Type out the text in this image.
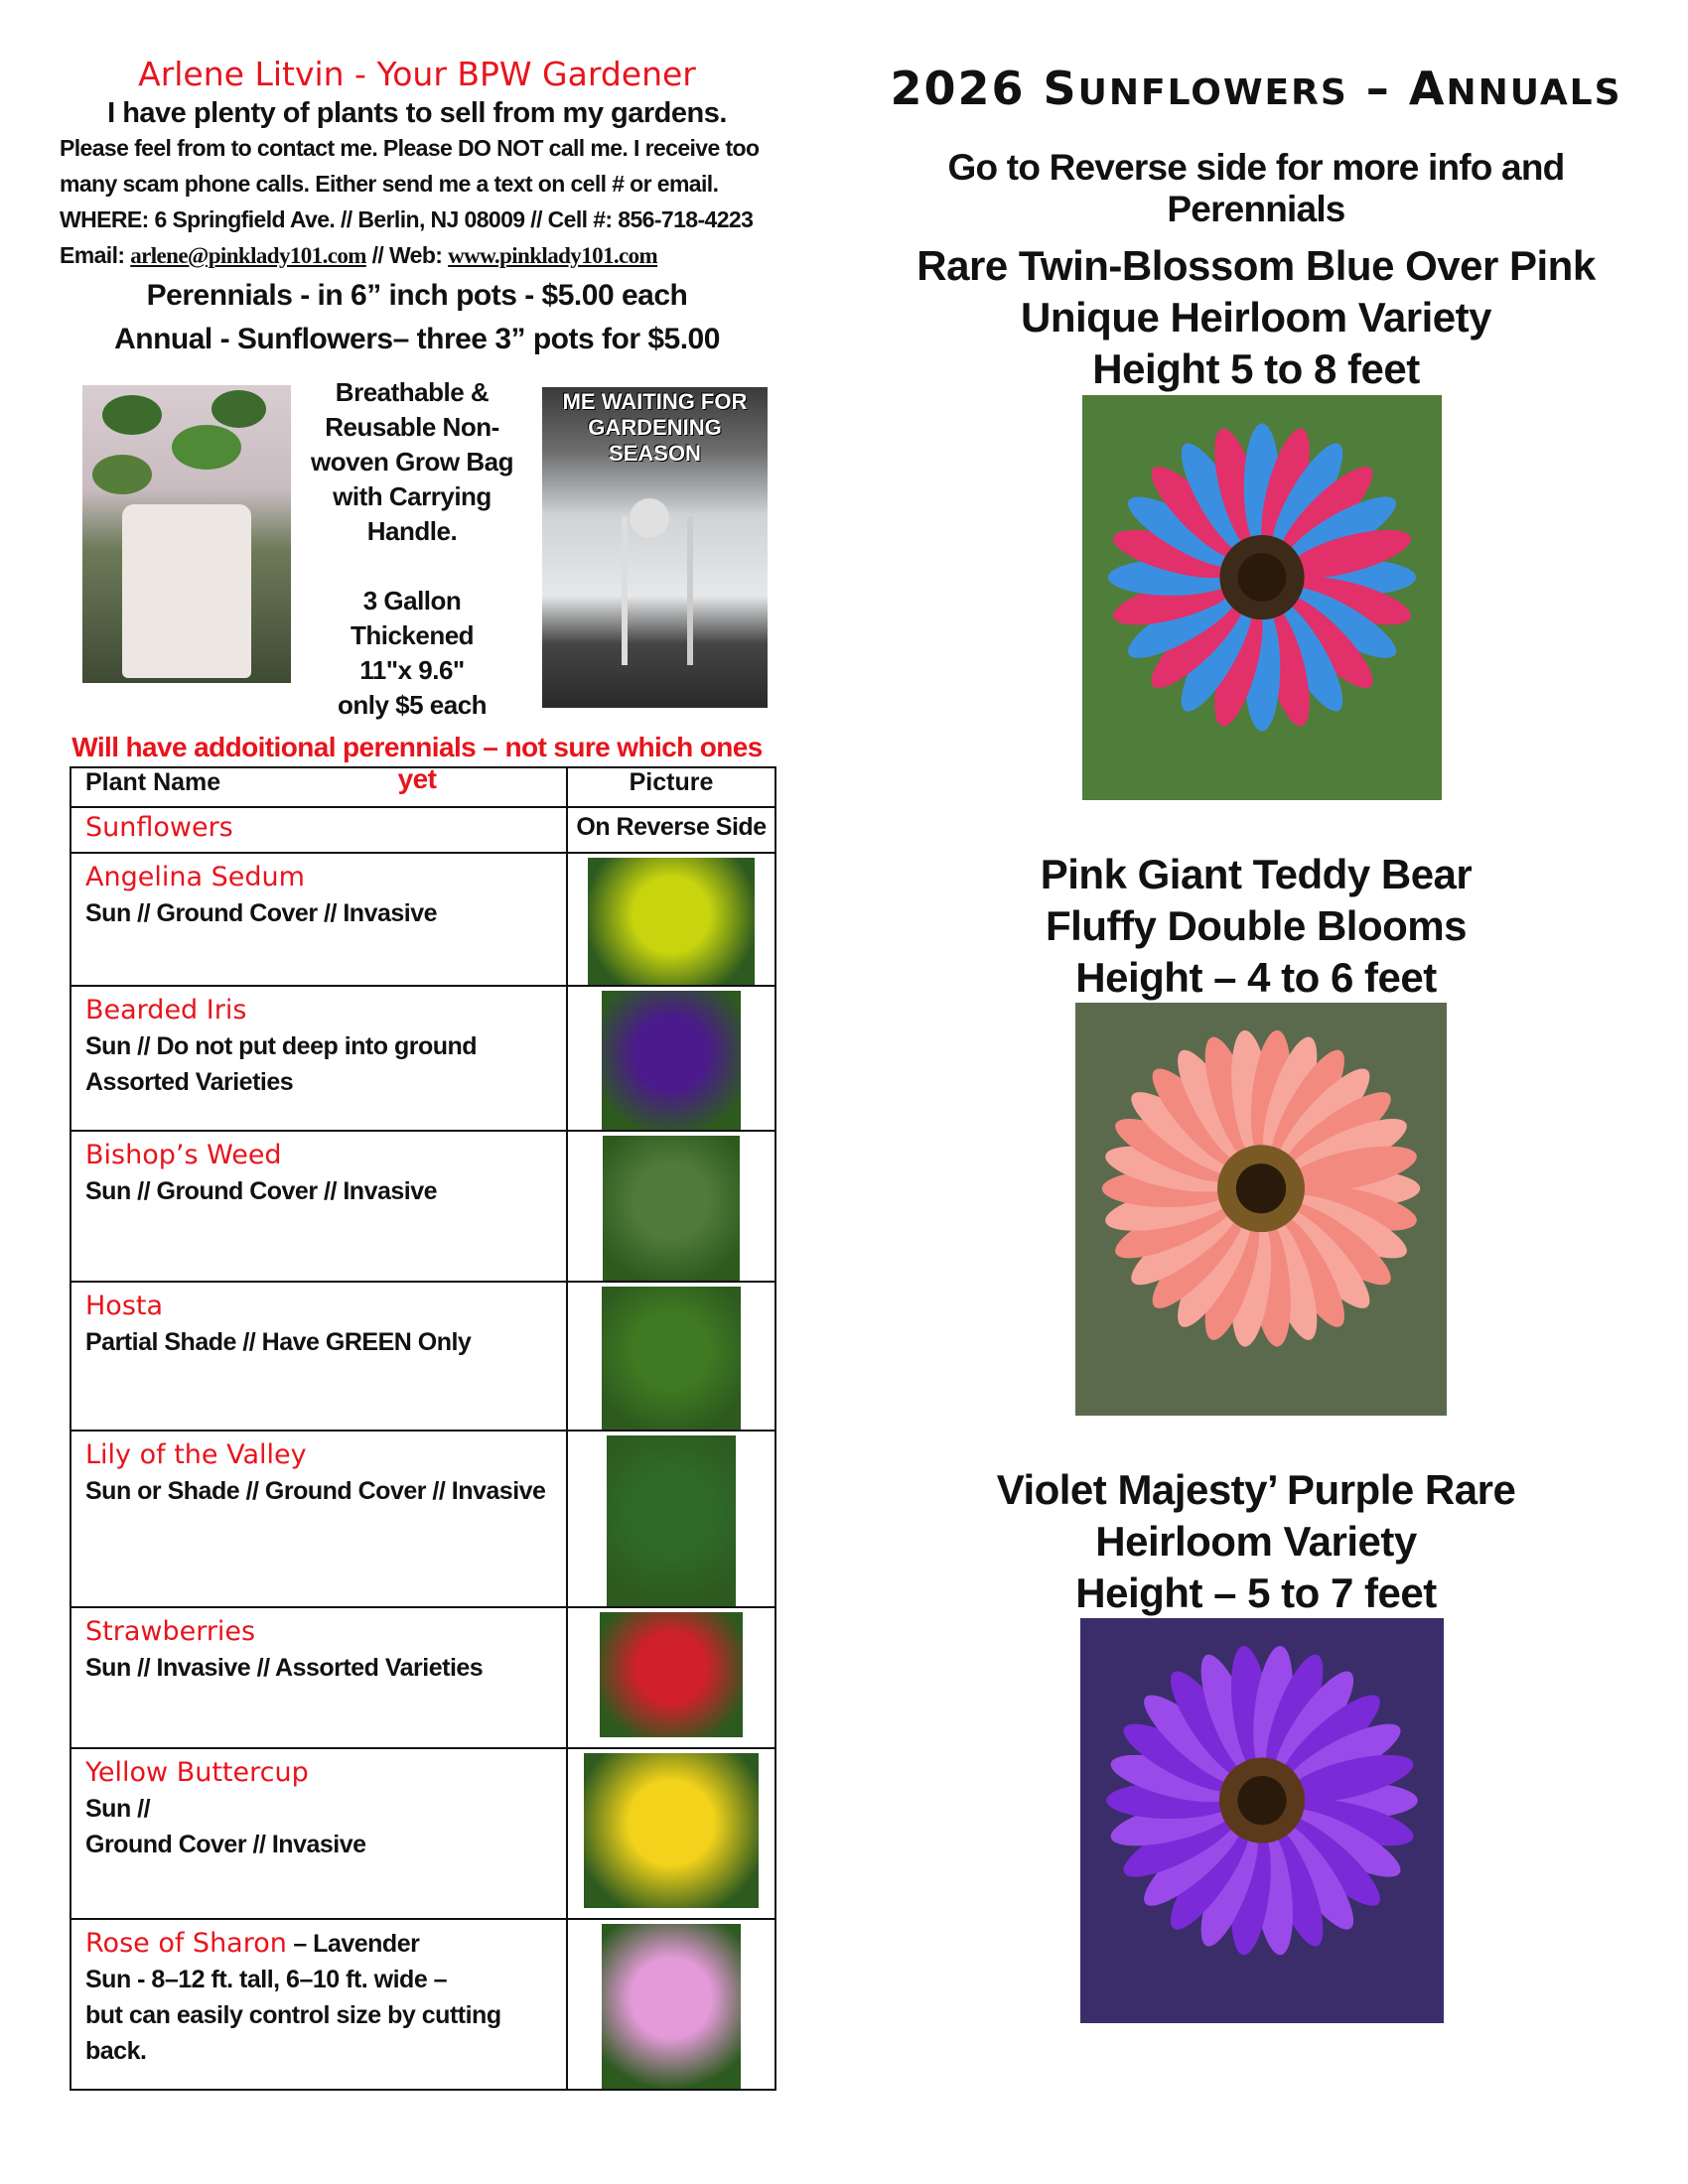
Arlene Litvin - Your BPW Gardener
I have plenty of plants to sell from my gardens.
Please feel from to contact me. Please DO NOT call me. I receive too
many scam phone calls. Either send me a text on cell # or email.
WHERE: 6 Springfield Ave. // Berlin, NJ 08009 // Cell #: 856-718-4223
Email: arlene@pinklady101.com // Web: www.pinklady101.com
Perennials - in 6” inch pots - $5.00 each
Annual - Sunflowers– three 3” pots for $5.00
Breathable &
Reusable Non-
woven Grow Bag
with Carrying
Handle.
3 Gallon
Thickened
11"x 9.6"
only $5 each
ME WAITING FOR
GARDENING SEASON
Will have addoitional perennials – not sure which ones yet
Plant Name	Picture

Sunflowers	On Reverse Side

Angelina Sedum
Sun // Ground Cover // Invasive	

Bearded Iris
Sun // Do not put deep into ground
Assorted Varieties	

Bishop’s Weed
Sun // Ground Cover // Invasive	

Hosta
Partial Shade // Have GREEN Only	

Lily of the Valley
Sun or Shade // Ground Cover // Invasive	

Strawberries
Sun // Invasive // Assorted Varieties	

Yellow Buttercup
Sun //
Ground Cover // Invasive	

Rose of Sharon – Lavender
Sun - 8–12 ft. tall, 6–10 ft. wide –
but can easily control size by cutting back.	

2026 SUNFLOWERS – ANNUALS
Go to Reverse side for more info and Perennials
Rare Twin-Blossom Blue Over Pink
Unique Heirloom Variety
Height 5 to 8 feet
Pink Giant Teddy Bear
Fluffy Double Blooms
Height – 4 to 6 feet
Violet Majesty’ Purple Rare
Heirloom Variety
Height – 5 to 7 feet
